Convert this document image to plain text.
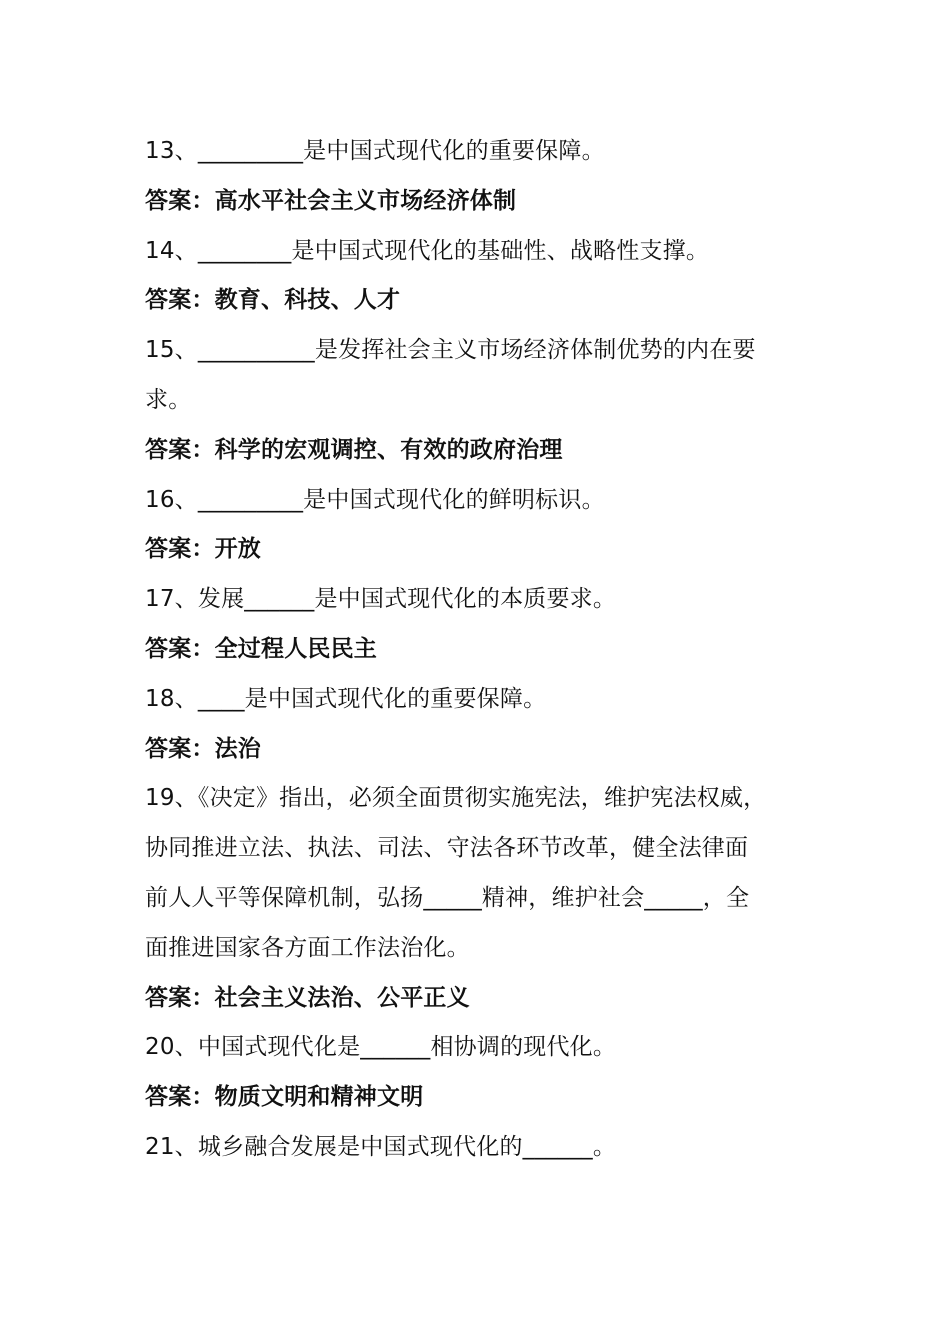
13、_________是中国式现代化的重要保障。
答案：高水平社会主义市场经济体制
14、________是中国式现代化的基础性、战略性支撑。
答案：教育、科技、人才
15、__________是发挥社会主义市场经济体制优势的内在要
求。
答案：科学的宏观调控、有效的政府治理
16、_________是中国式现代化的鲜明标识。
答案：开放
17、发展______是中国式现代化的本质要求。
答案：全过程人民民主
18、____是中国式现代化的重要保障。
答案：法治
19、《决定》指出，必须全面贯彻实施宪法，维护宪法权威，
协同推进立法、执法、司法、守法各环节改革，健全法律面
前人人平等保障机制，弘扬_____精神，维护社会_____，全
面推进国家各方面工作法治化。
答案：社会主义法治、公平正义
20、中国式现代化是______相协调的现代化。
答案：物质文明和精神文明
21、城乡融合发展是中国式现代化的______。
